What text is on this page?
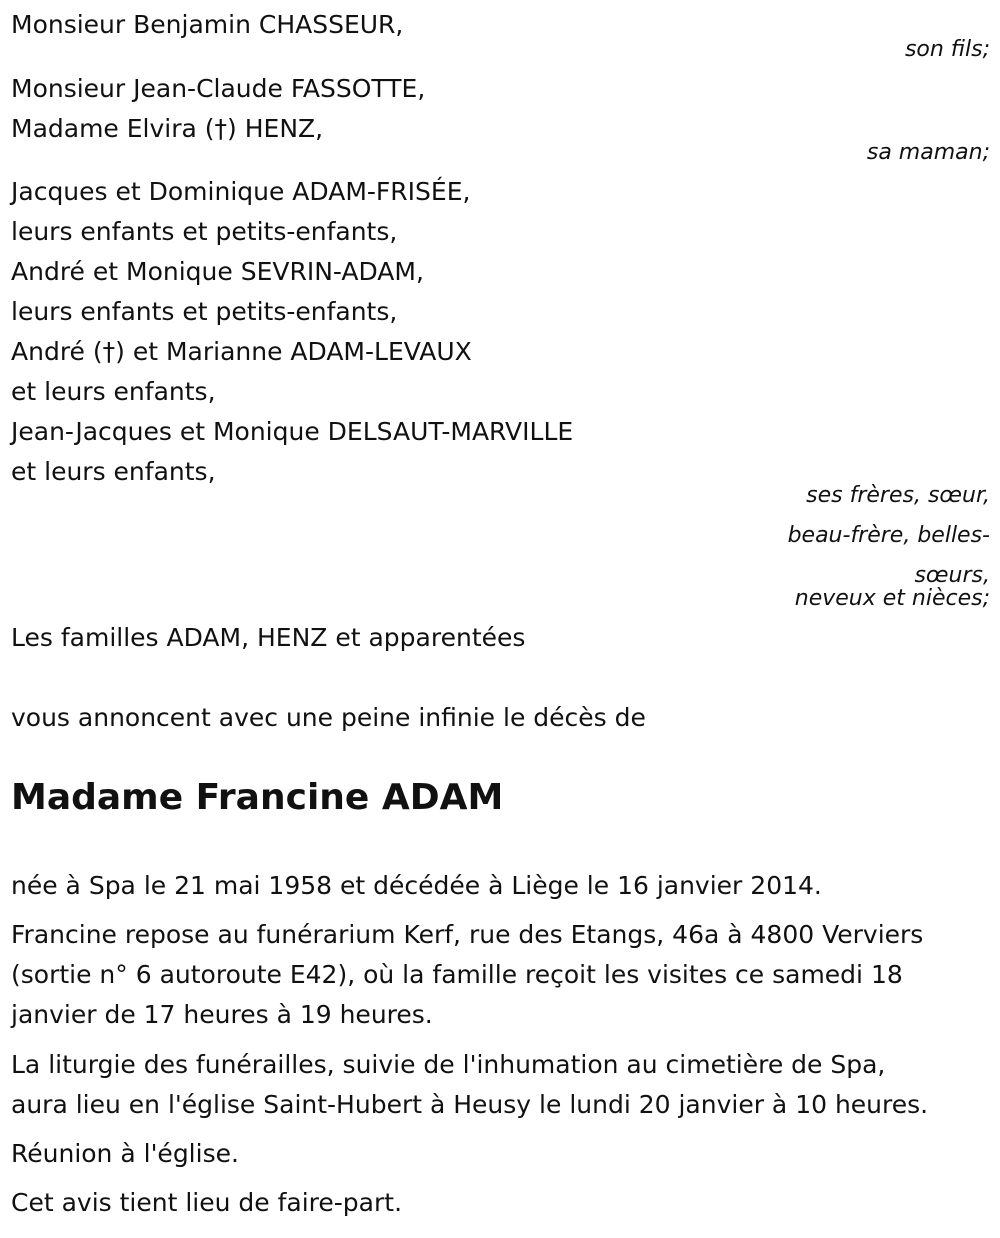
Monsieur Benjamin CHASSEUR,

son fils;

Monsieur Jean-Claude FASSOTTE,

Madame Elvira (†) HENZ,

sa maman;

Jacques et Dominique ADAM-FRISÉE,

leurs enfants et petits-enfants,

André et Monique SEVRIN-ADAM,

leurs enfants et petits-enfants,

André (†) et Marianne ADAM-LEVAUX

et leurs enfants,

Jean-Jacques et Monique DELSAUT-MARVILLE

et leurs enfants,

ses frères, sœur,
beau-frère, belles-
sœurs,
neveux et nièces;

Les familles ADAM, HENZ et apparentées

vous annoncent avec une peine infinie le décès de

Madame Francine ADAM

née à Spa le 21 mai 1958 et décédée à Liège le 16 janvier 2014.

Francine repose au funérarium Kerf, rue des Etangs, 46a à 4800 Verviers

(sortie n° 6 autoroute E42), où la famille reçoit les visites ce samedi 18

janvier de 17 heures à 19 heures.

La liturgie des funérailles, suivie de l'inhumation au cimetière de Spa,

aura lieu en l'église Saint-Hubert à Heusy le lundi 20 janvier à 10 heures.

Réunion à l'église.

Cet avis tient lieu de faire-part.
